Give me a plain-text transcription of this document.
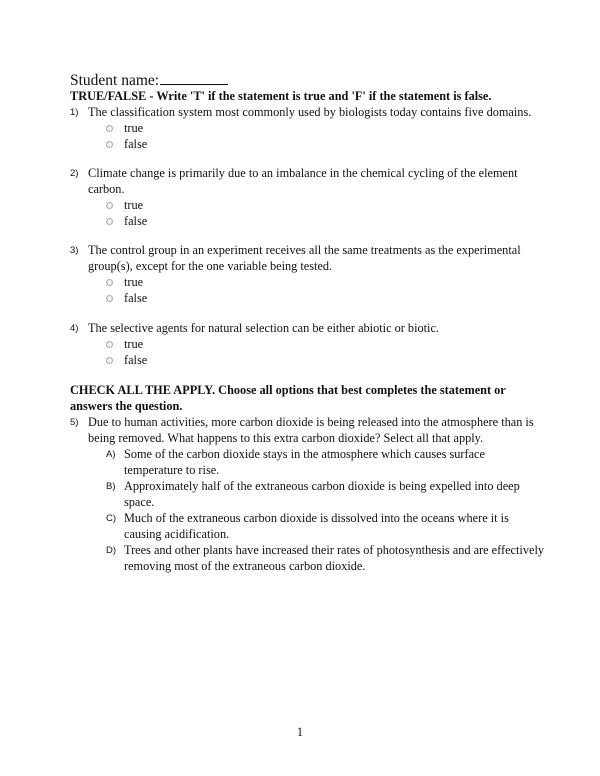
Student name:
TRUE/FALSE - Write 'T' if the statement is true and 'F' if the statement is false.
1) The classification system most commonly used by biologists today contains five domains.
true
false
2) Climate change is primarily due to an imbalance in the chemical cycling of the element carbon.
true
false
3) The control group in an experiment receives all the same treatments as the experimental group(s), except for the one variable being tested.
true
false
4) The selective agents for natural selection can be either abiotic or biotic.
true
false
CHECK ALL THE APPLY. Choose all options that best completes the statement or answers the question.
5) Due to human activities, more carbon dioxide is being released into the atmosphere than is being removed. What happens to this extra carbon dioxide? Select all that apply.
A) Some of the carbon dioxide stays in the atmosphere which causes surface temperature to rise.
B) Approximately half of the extraneous carbon dioxide is being expelled into deep space.
C) Much of the extraneous carbon dioxide is dissolved into the oceans where it is causing acidification.
D) Trees and other plants have increased their rates of photosynthesis and are effectively removing most of the extraneous carbon dioxide.
1
